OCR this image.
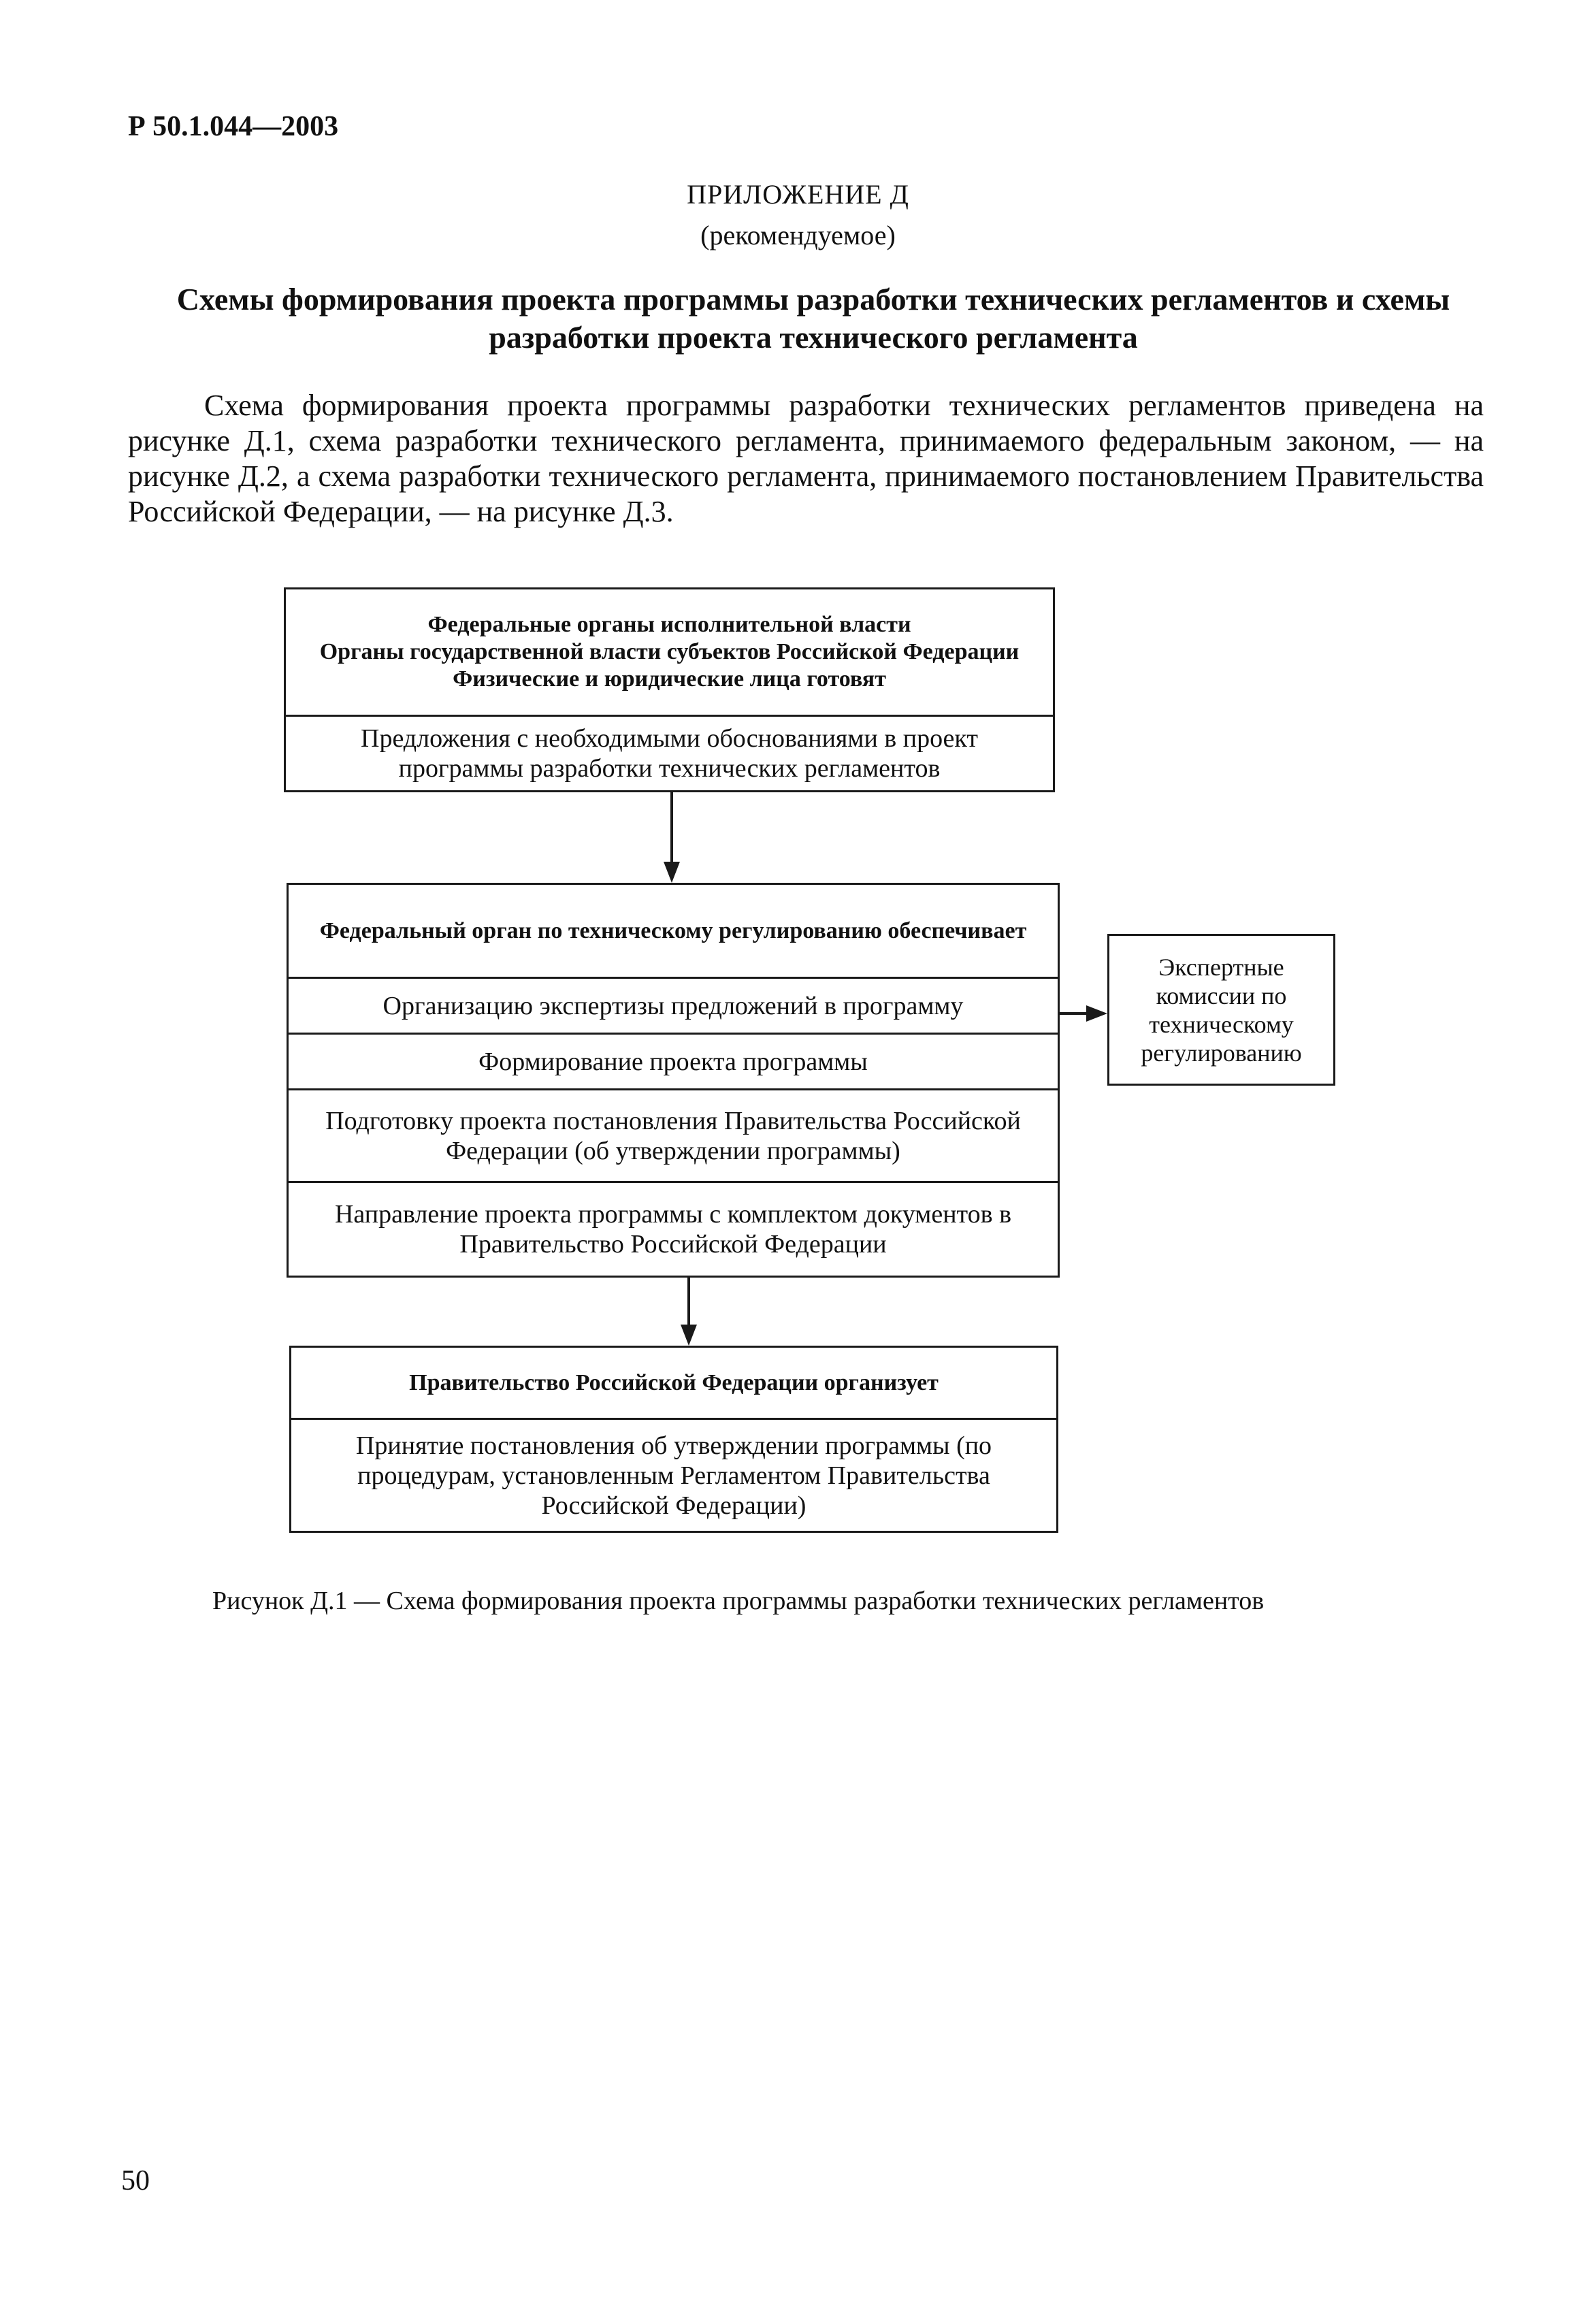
Р 50.1.044—2003
ПРИЛОЖЕНИЕ Д
(рекомендуемое)
Схемы формирования проекта программы разработки технических регламентов и схемы
разработки проекта технического регламента
Схема формирования проекта программы разработки технических регламентов приведена на рисунке Д.1, схема разработки технического регламента, принимаемого федеральным законом, — на рисунке Д.2, а схема разработки технического регламента, принимаемого постановлением Правительства Российской Федерации, — на рисунке Д.3.
Федеральные органы исполнительной власти
Органы государственной власти субъектов Российской Федерации
Физические и юридические лица готовят
Предложения с необходимыми обоснованиями в проект программы разработки технических регламентов
Федеральный орган по техническому регулированию обеспечивает
Организацию экспертизы предложений в программу
Формирование проекта программы
Подготовку проекта постановления Правительства Российской Федерации (об утверждении программы)
Направление проекта программы с комплектом документов в Правительство Российской Федерации
Экспертные комиссии по техническому регулированию
Правительство Российской Федерации организует
Принятие постановления об утверждении программы (по процедурам, установленным Регламентом Правительства Российской Федерации)
Рисунок Д.1 — Схема формирования проекта программы разработки технических регламентов
50
